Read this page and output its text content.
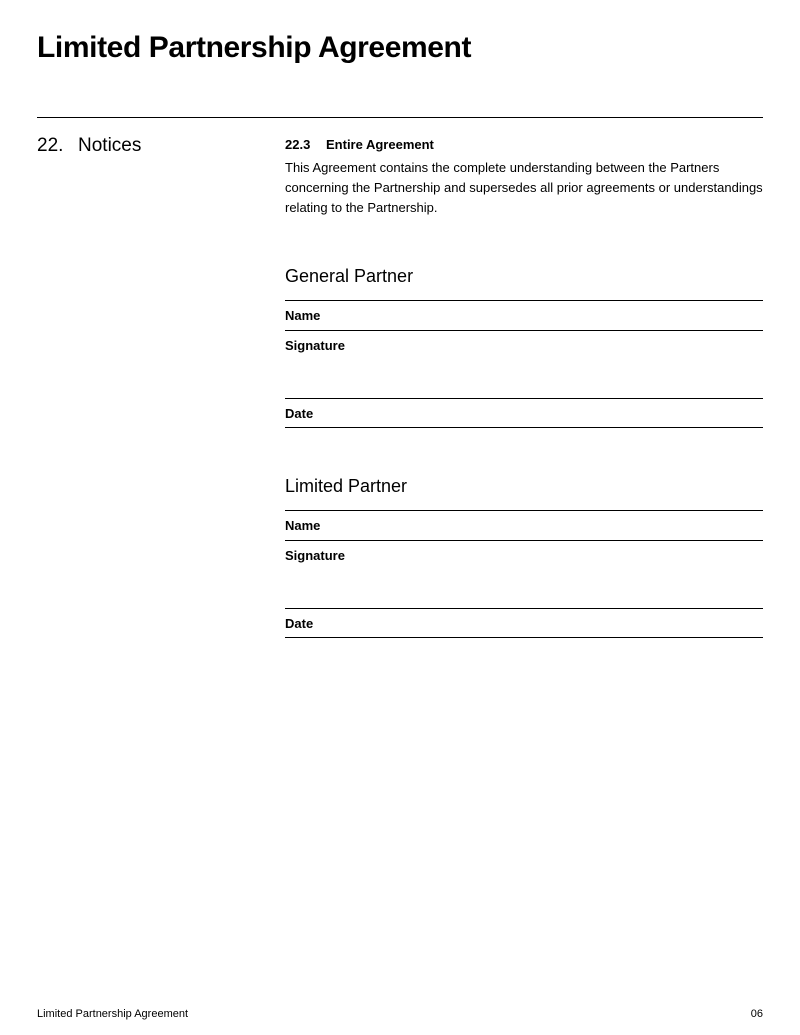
Limited Partnership Agreement
22. Notices	22.3 Entire Agreement

This Agreement contains the complete understanding between the Partners concerning the Partnership and supersedes all prior agreements or understandings relating to the Partnership.

General Partner
Name
Signature
Date
Limited Partner
Name
Signature
Date
Limited Partnership Agreement	06
